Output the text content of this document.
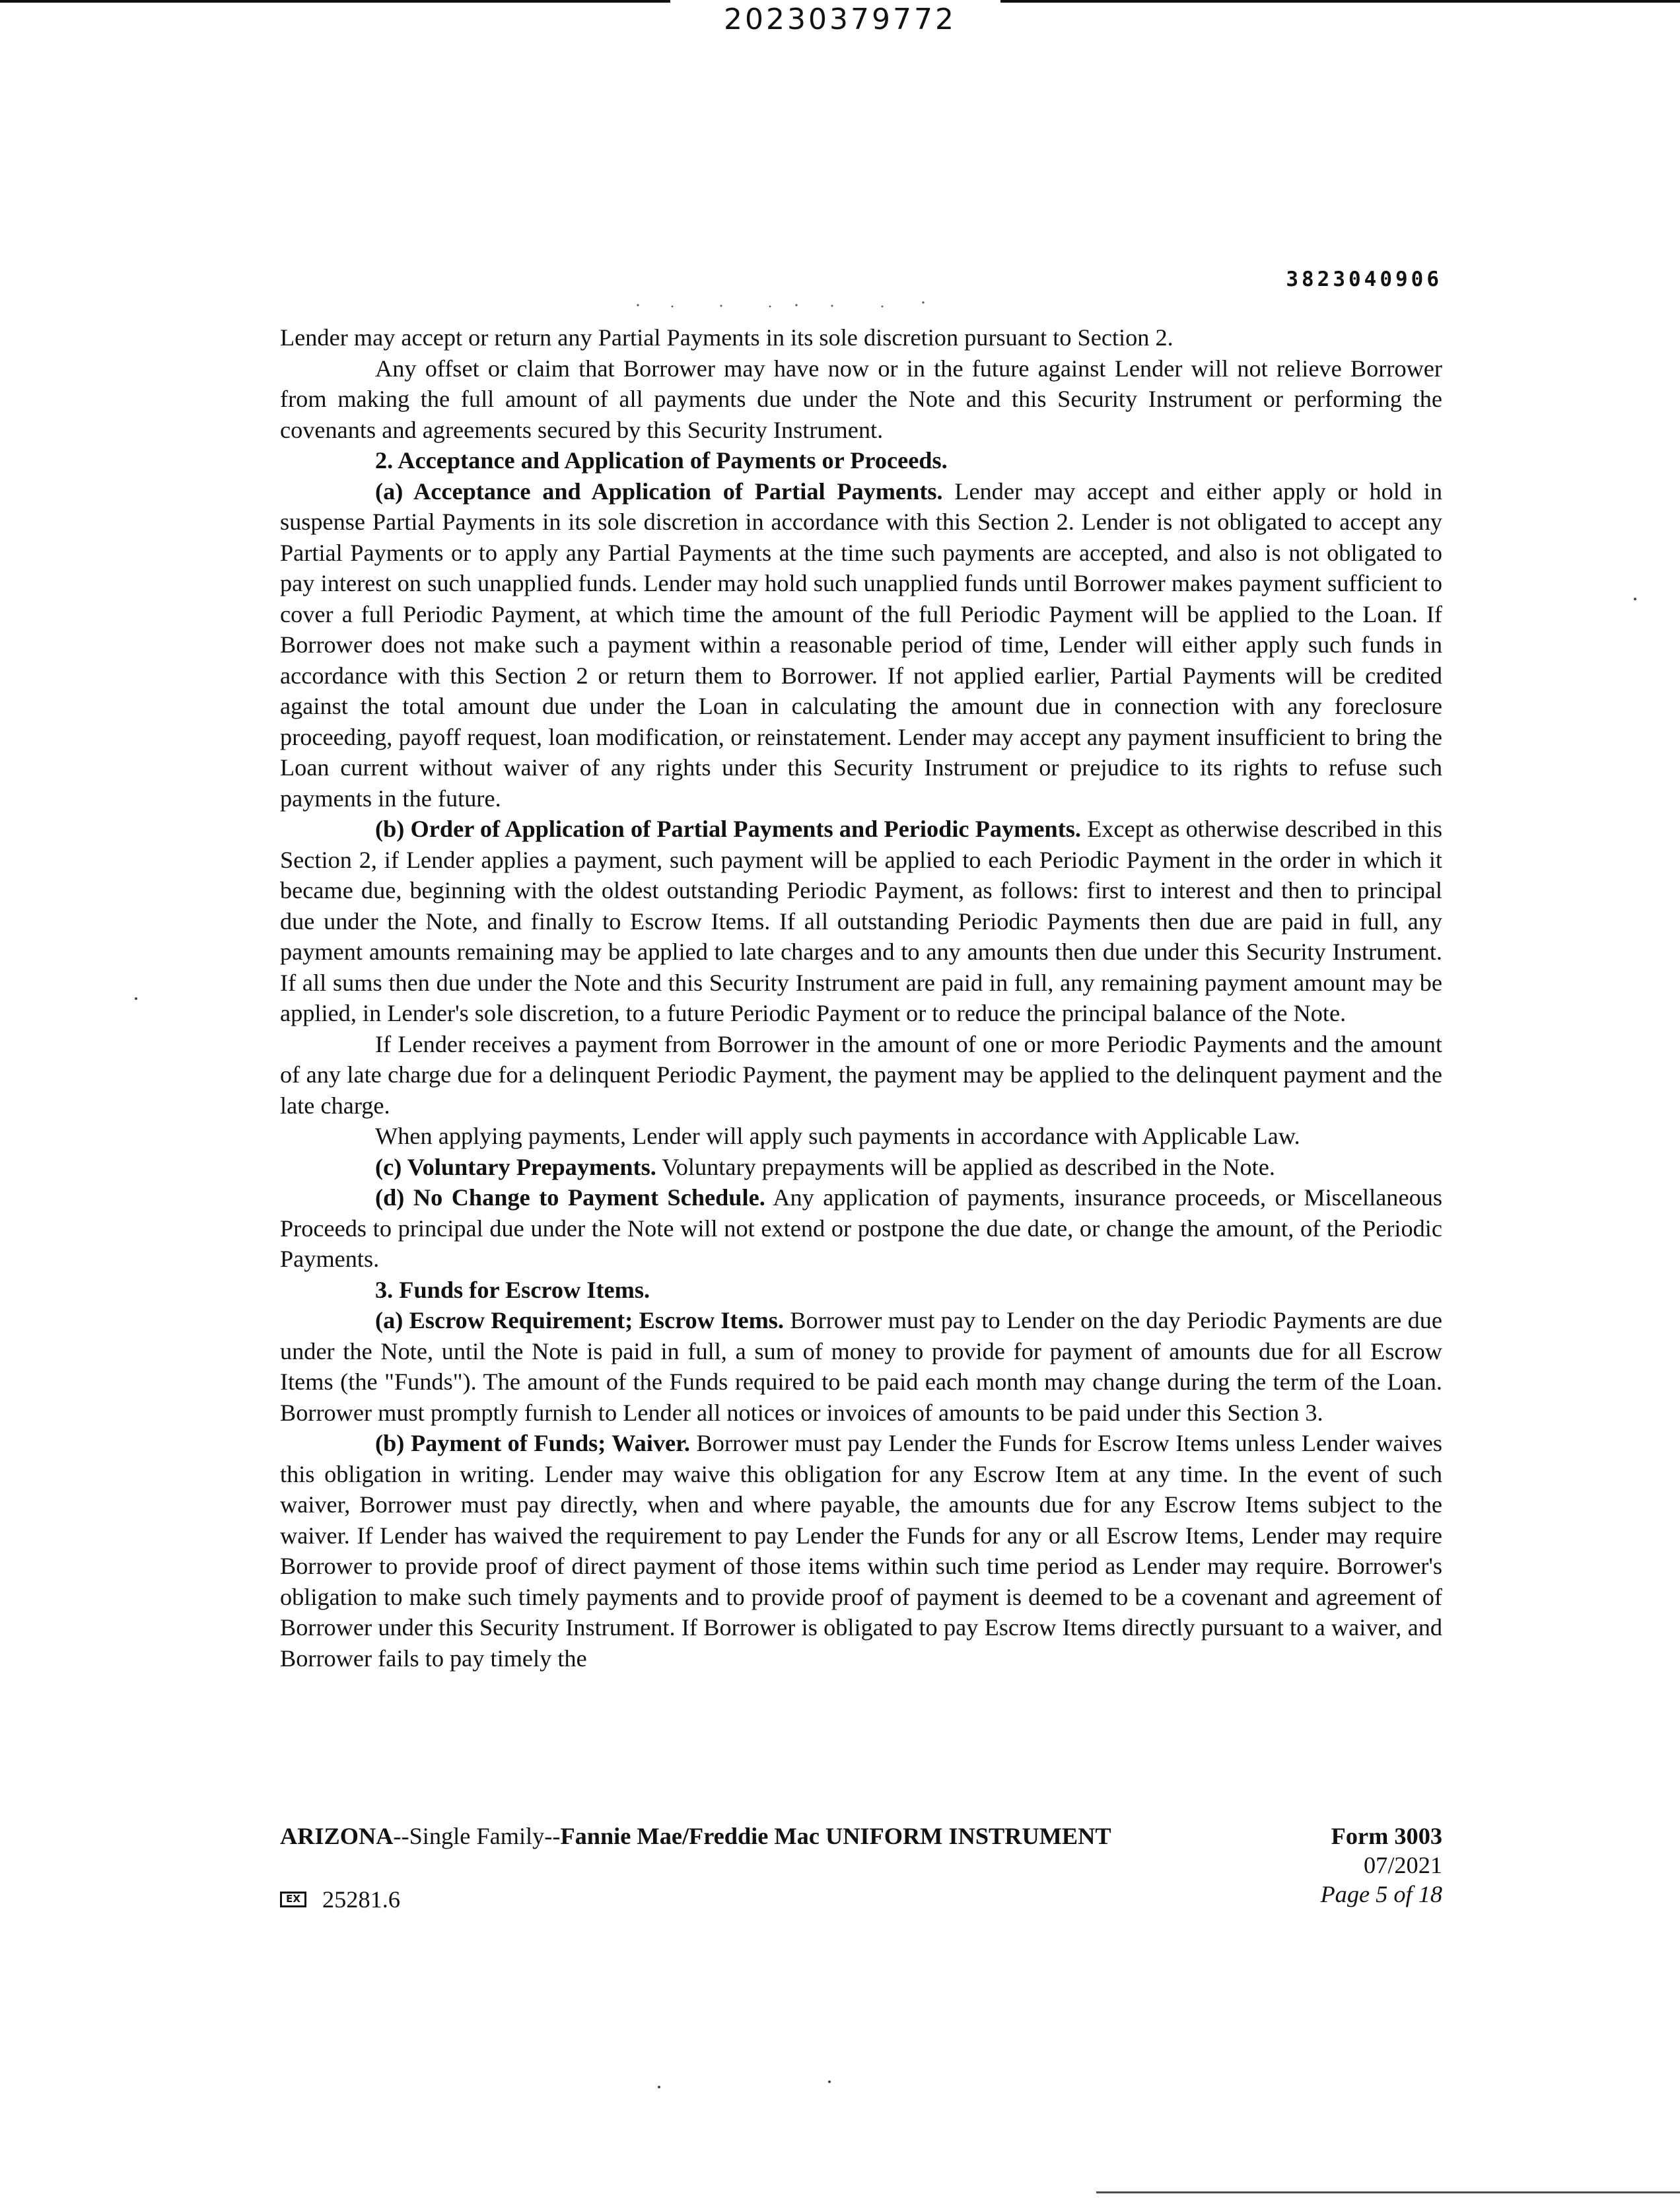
20230379772
3823040906

Lender may accept or return any Partial Payments in its sole discretion pursuant to Section 2.

Any offset or claim that Borrower may have now or in the future against Lender will not relieve Borrower from making the full amount of all payments due under the Note and this Security Instrument or performing the covenants and agreements secured by this Security Instrument.

2. Acceptance and Application of Payments or Proceeds.

(a) Acceptance and Application of Partial Payments. Lender may accept and either apply or hold in suspense Partial Payments in its sole discretion in accordance with this Section 2. Lender is not obligated to accept any Partial Payments or to apply any Partial Payments at the time such payments are accepted, and also is not obligated to pay interest on such unapplied funds. Lender may hold such unapplied funds until Borrower makes payment sufficient to cover a full Periodic Payment, at which time the amount of the full Periodic Payment will be applied to the Loan. If Borrower does not make such a payment within a reasonable period of time, Lender will either apply such funds in accordance with this Section 2 or return them to Borrower. If not applied earlier, Partial Payments will be credited against the total amount due under the Loan in calculating the amount due in connection with any foreclosure proceeding, payoff request, loan modification, or reinstatement. Lender may accept any payment insufficient to bring the Loan current without waiver of any rights under this Security Instrument or prejudice to its rights to refuse such payments in the future.

(b) Order of Application of Partial Payments and Periodic Payments. Except as otherwise described in this Section 2, if Lender applies a payment, such payment will be applied to each Periodic Payment in the order in which it became due, beginning with the oldest outstanding Periodic Payment, as follows: first to interest and then to principal due under the Note, and finally to Escrow Items. If all outstanding Periodic Payments then due are paid in full, any payment amounts remaining may be applied to late charges and to any amounts then due under this Security Instrument. If all sums then due under the Note and this Security Instrument are paid in full, any remaining payment amount may be applied, in Lender's sole discretion, to a future Periodic Payment or to reduce the principal balance of the Note.

If Lender receives a payment from Borrower in the amount of one or more Periodic Payments and the amount of any late charge due for a delinquent Periodic Payment, the payment may be applied to the delinquent payment and the late charge.

When applying payments, Lender will apply such payments in accordance with Applicable Law.

(c) Voluntary Prepayments. Voluntary prepayments will be applied as described in the Note.

(d) No Change to Payment Schedule. Any application of payments, insurance proceeds, or Miscellaneous Proceeds to principal due under the Note will not extend or postpone the due date, or change the amount, of the Periodic Payments.

3. Funds for Escrow Items.

(a) Escrow Requirement; Escrow Items. Borrower must pay to Lender on the day Periodic Payments are due under the Note, until the Note is paid in full, a sum of money to provide for payment of amounts due for all Escrow Items (the "Funds"). The amount of the Funds required to be paid each month may change during the term of the Loan. Borrower must promptly furnish to Lender all notices or invoices of amounts to be paid under this Section 3.

(b) Payment of Funds; Waiver. Borrower must pay Lender the Funds for Escrow Items unless Lender waives this obligation in writing. Lender may waive this obligation for any Escrow Item at any time. In the event of such waiver, Borrower must pay directly, when and where payable, the amounts due for any Escrow Items subject to the waiver. If Lender has waived the requirement to pay Lender the Funds for any or all Escrow Items, Lender may require Borrower to provide proof of direct payment of those items within such time period as Lender may require. Borrower's obligation to make such timely payments and to provide proof of payment is deemed to be a covenant and agreement of Borrower under this Security Instrument. If Borrower is obligated to pay Escrow Items directly pursuant to a waiver, and Borrower fails to pay timely the

ARIZONA--Single Family--Fannie Mae/Freddie Mac UNIFORM INSTRUMENT	Form 3003
07/2021
EX 25281.6	Page 5 of 18
